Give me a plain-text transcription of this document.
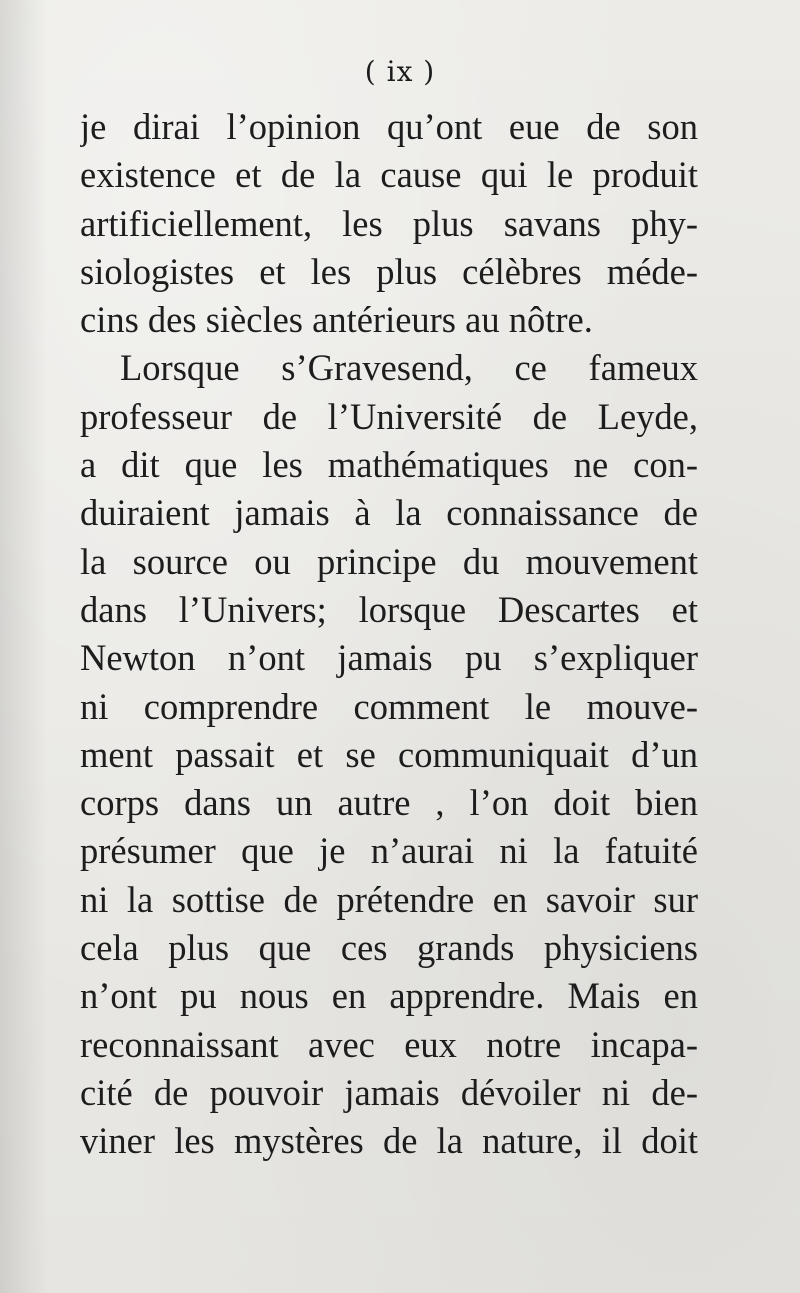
( ix )
je dirai l’opinion qu’ont eue de son
existence et de la cause qui le produit
artificiellement, les plus savans phy-
siologistes et les plus célèbres méde-
cins des siècles antérieurs au nôtre.
Lorsque s’Gravesend, ce fameux
professeur de l’Université de Leyde,
a dit que les mathématiques ne con-
duiraient jamais à la connaissance de
la source ou principe du mouvement
dans l’Univers; lorsque Descartes et
Newton n’ont jamais pu s’expliquer
ni comprendre comment le mouve-
ment passait et se communiquait d’un
corps dans un autre , l’on doit bien
présumer que je n’aurai ni la fatuité
ni la sottise de prétendre en savoir sur
cela plus que ces grands physiciens
n’ont pu nous en apprendre. Mais en
reconnaissant avec eux notre incapa-
cité de pouvoir jamais dévoiler ni de-
viner les mystères de la nature, il doit
